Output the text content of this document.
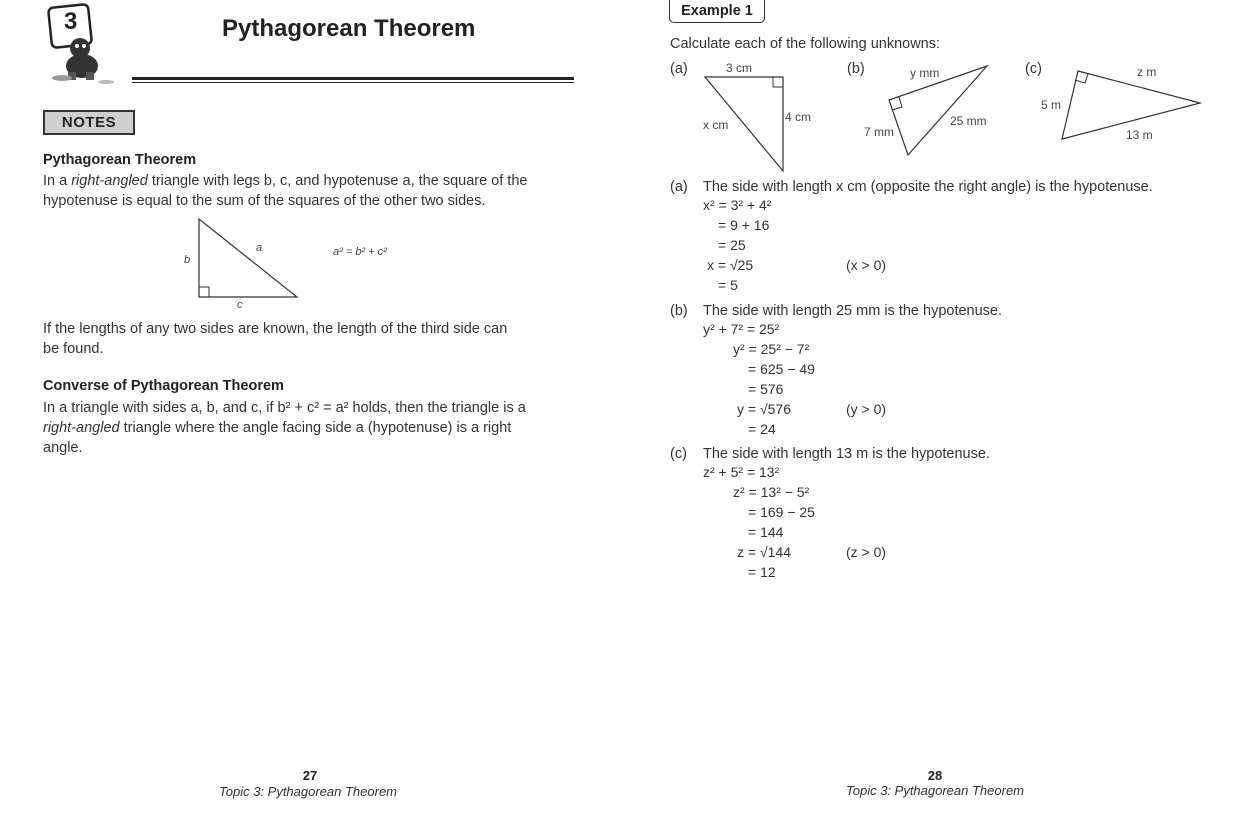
3	Pythagorean Theorem
NOTES
Pythagorean Theorem
In a right-angled triangle with legs b, c, and hypotenuse a, the square of the
hypotenuse is equal to the sum of the squares of the other two sides.
a
b
c
a² = b² + c²
If the lengths of any two sides are known, the length of the third side can
be found.
Converse of Pythagorean Theorem
In a triangle with sides a, b, and c, if b² + c² = a² holds, then the triangle is a
right-angled triangle where the angle facing side a (hypotenuse) is a right
angle.
27
Topic 3: Pythagorean Theorem
Example 1
Calculate each of the following unknowns:
(a)	3 cm
4 cm
x cm
(b)	y mm
7 mm
25 mm
(c)	z m
5 m
13 m
(a) The side with length x cm (opposite the right angle) is the hypotenuse.
x² = 3² + 4²
= 9 + 16
= 25
x = √25	(x > 0)
= 5
(b) The side with length 25 mm is the hypotenuse.
y² + 7² = 25²
y² = 25² − 7²
= 625 − 49
= 576
y = √576	(y > 0)
= 24
(c) The side with length 13 m is the hypotenuse.
z² + 5² = 13²
z² = 13² − 5²
= 169 − 25
= 144
z = √144	(z > 0)
= 12
28
Topic 3: Pythagorean Theorem
